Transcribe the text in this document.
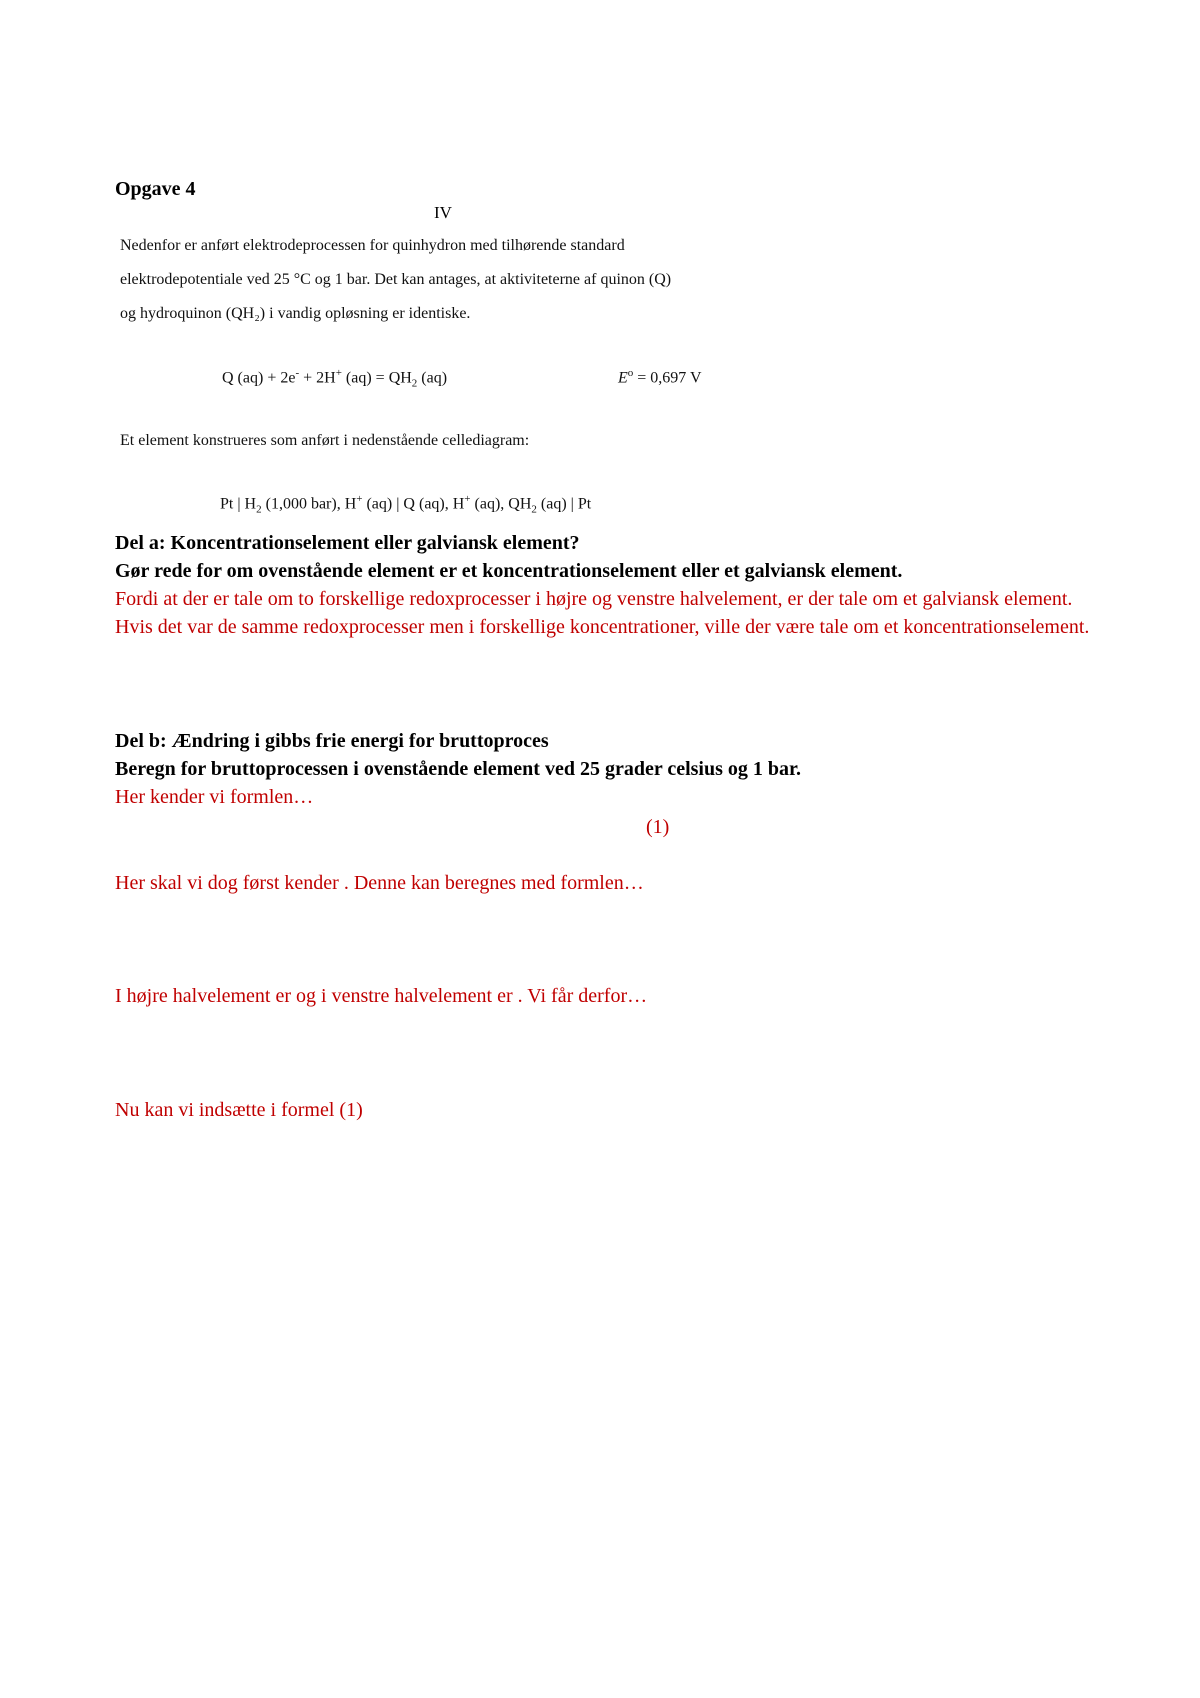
Opgave 4
IV
Nedenfor er anført elektrodeprocessen for quinhydron med tilhørende standard
elektrodepotentiale ved 25 °C og 1 bar. Det kan antages, at aktiviteterne af quinon (Q)
og hydroquinon (QH₂) i vandig opløsning er identiske.
Q (aq) + 2e- + 2H+ $(aq) = QH_2$ (aq)	$E^o = 0,697$ V
Et element konstrueres som anført i nedenstående cellediagram:
Pt | $H_2$ (1,000 bar), H+ (aq) | Q (aq), H+ (aq), $QH_2$ (aq) | Pt
Del a: Koncentrationselement eller galviansk element?
Gør rede for om ovenstående element er et koncentrationselement eller et galviansk element.
Fordi at der er tale om to forskellige redoxprocesser i højre og venstre halvelement, er der tale om et galviansk element.
Hvis det var de samme redoxprocesser men i forskellige koncentrationer, ville der være tale om et koncentrationselement.
Del b: Ændring i gibbs frie energi for bruttoproces
Beregn for bruttoprocessen i ovenstående element ved 25 grader celsius og 1 bar.
Her kender vi formlen…
(1)
Her skal vi dog først kender . Denne kan beregnes med formlen…
I højre halvelement er og i venstre halvelement er . Vi får derfor…
Nu kan vi indsætte i formel (1)
